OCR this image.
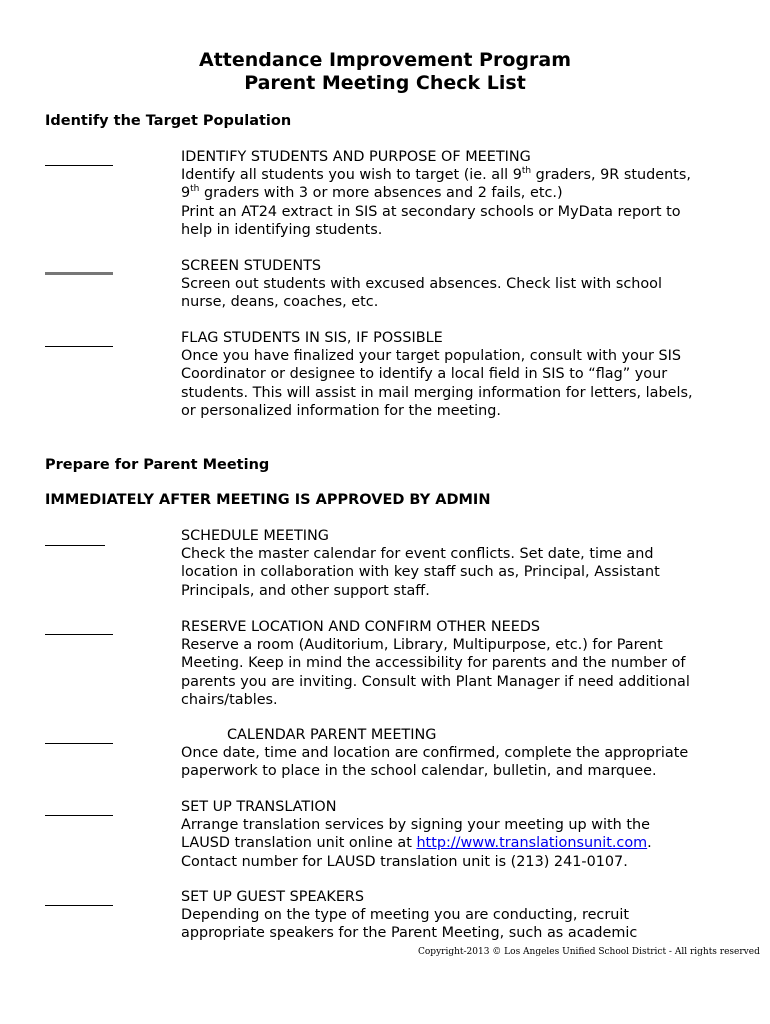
Attendance Improvement Program
Parent Meeting Check List
Identify the Target Population
IDENTIFY STUDENTS AND PURPOSE OF MEETING
Identify all students you wish to target (ie. all 9th graders, 9R students,
9th graders with 3 or more absences and 2 fails, etc.)
Print an AT24 extract in SIS at secondary schools or MyData report to
help in identifying students.
SCREEN STUDENTS
Screen out students with excused absences. Check list with school
nurse, deans, coaches, etc.
FLAG STUDENTS IN SIS, IF POSSIBLE
Once you have finalized your target population, consult with your SIS
Coordinator or designee to identify a local field in SIS to “flag” your
students. This will assist in mail merging information for letters, labels,
or personalized information for the meeting.
Prepare for Parent Meeting
IMMEDIATELY AFTER MEETING IS APPROVED BY ADMIN
SCHEDULE MEETING
Check the master calendar for event conflicts. Set date, time and
location in collaboration with key staff such as, Principal, Assistant
Principals, and other support staff.
RESERVE LOCATION AND CONFIRM OTHER NEEDS
Reserve a room (Auditorium, Library, Multipurpose, etc.) for Parent
Meeting. Keep in mind the accessibility for parents and the number of
parents you are inviting. Consult with Plant Manager if need additional
chairs/tables.
CALENDAR PARENT MEETING
Once date, time and location are confirmed, complete the appropriate
paperwork to place in the school calendar, bulletin, and marquee.
SET UP TRANSLATION
Arrange translation services by signing your meeting up with the
LAUSD translation unit online at http://www.translationsunit.com.
Contact number for LAUSD translation unit is (213) 241-0107.
SET UP GUEST SPEAKERS
Depending on the type of meeting you are conducting, recruit
appropriate speakers for the Parent Meeting, such as academic
Copyright-2013 © Los Angeles Unified School District - All rights reserved
